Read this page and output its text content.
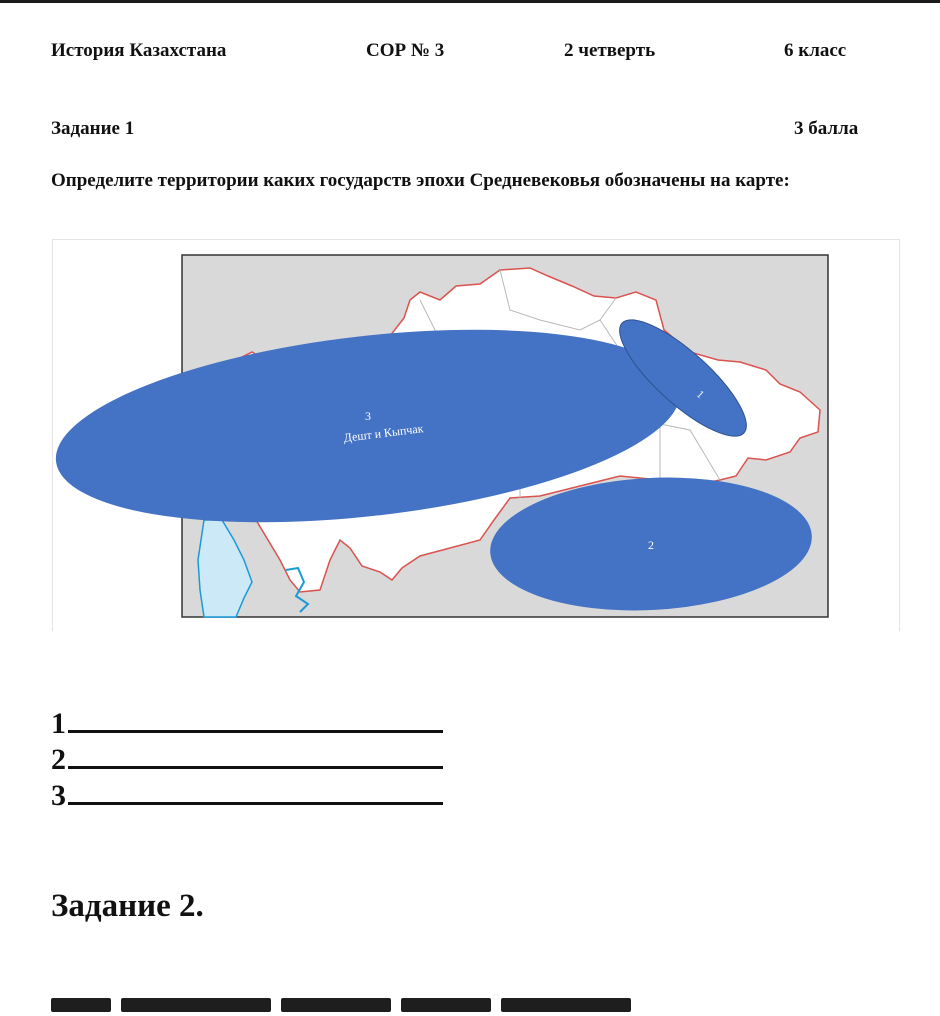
История Казахстана	СОР № 3	2 четверть	6 класс
Задание 1	3 балла
Определите территории каких государств эпохи Средневековья обозначены на карте:
3
Дешт и Кыпчак
1
2
1
2
3
Задание 2.
